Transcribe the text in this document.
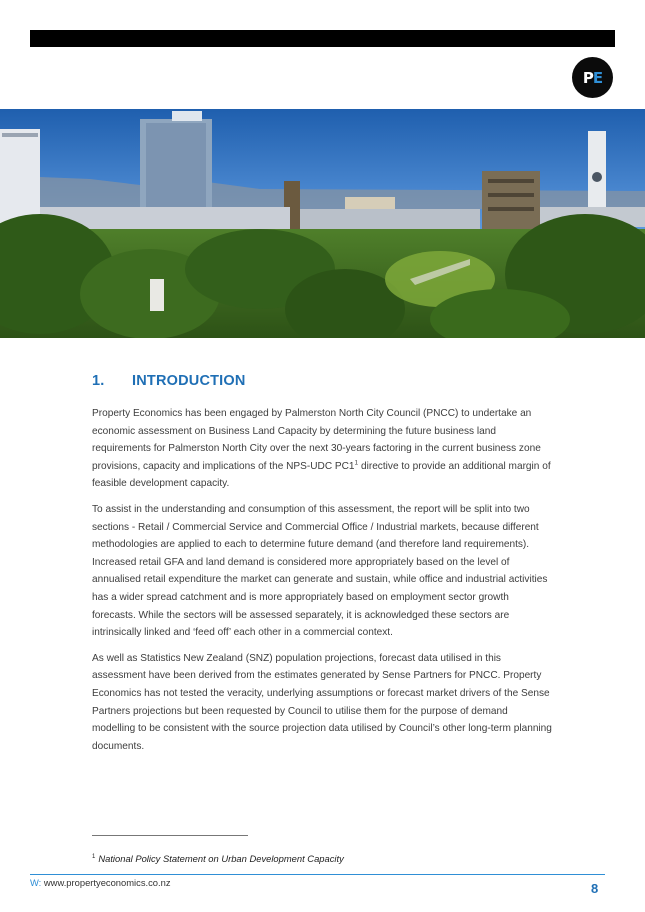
P E
1. INTRODUCTION

Property Economics has been engaged by Palmerston North City Council (PNCC) to undertake an economic assessment on Business Land Capacity by determining the future business land requirements for Palmerston North City over the next 30-years factoring in the current business zone provisions, capacity and implications of the NPS-UDC $PC1^1$ directive to provide an additional margin of feasible development capacity.

To assist in the understanding and consumption of this assessment, the report will be split into two sections - Retail / Commercial Service and Commercial Office / Industrial markets, because different methodologies are applied to each to determine future demand (and therefore land requirements). Increased retail GFA and land demand is considered more appropriately based on the level of annualised retail expenditure the market can generate and sustain, while office and industrial activities has a wider spread catchment and is more appropriately based on employment sector growth forecasts. While the sectors will be assessed separately, it is acknowledged these sectors are intrinsically linked and ‘feed off’ each other in a commercial context.

As well as Statistics New Zealand (SNZ) population projections, forecast data utilised in this assessment have been derived from the estimates generated by Sense Partners for PNCC. Property Economics has not tested the veracity, underlying assumptions or forecast market drivers of the Sense Partners projections but been requested by Council to utilise them for the purpose of demand modelling to be consistent with the source projection data utilised by Council’s other long-term planning documents.

$^1$ National Policy Statement on Urban Development Capacity
W: www.propertyeconomics.co.nz	8
